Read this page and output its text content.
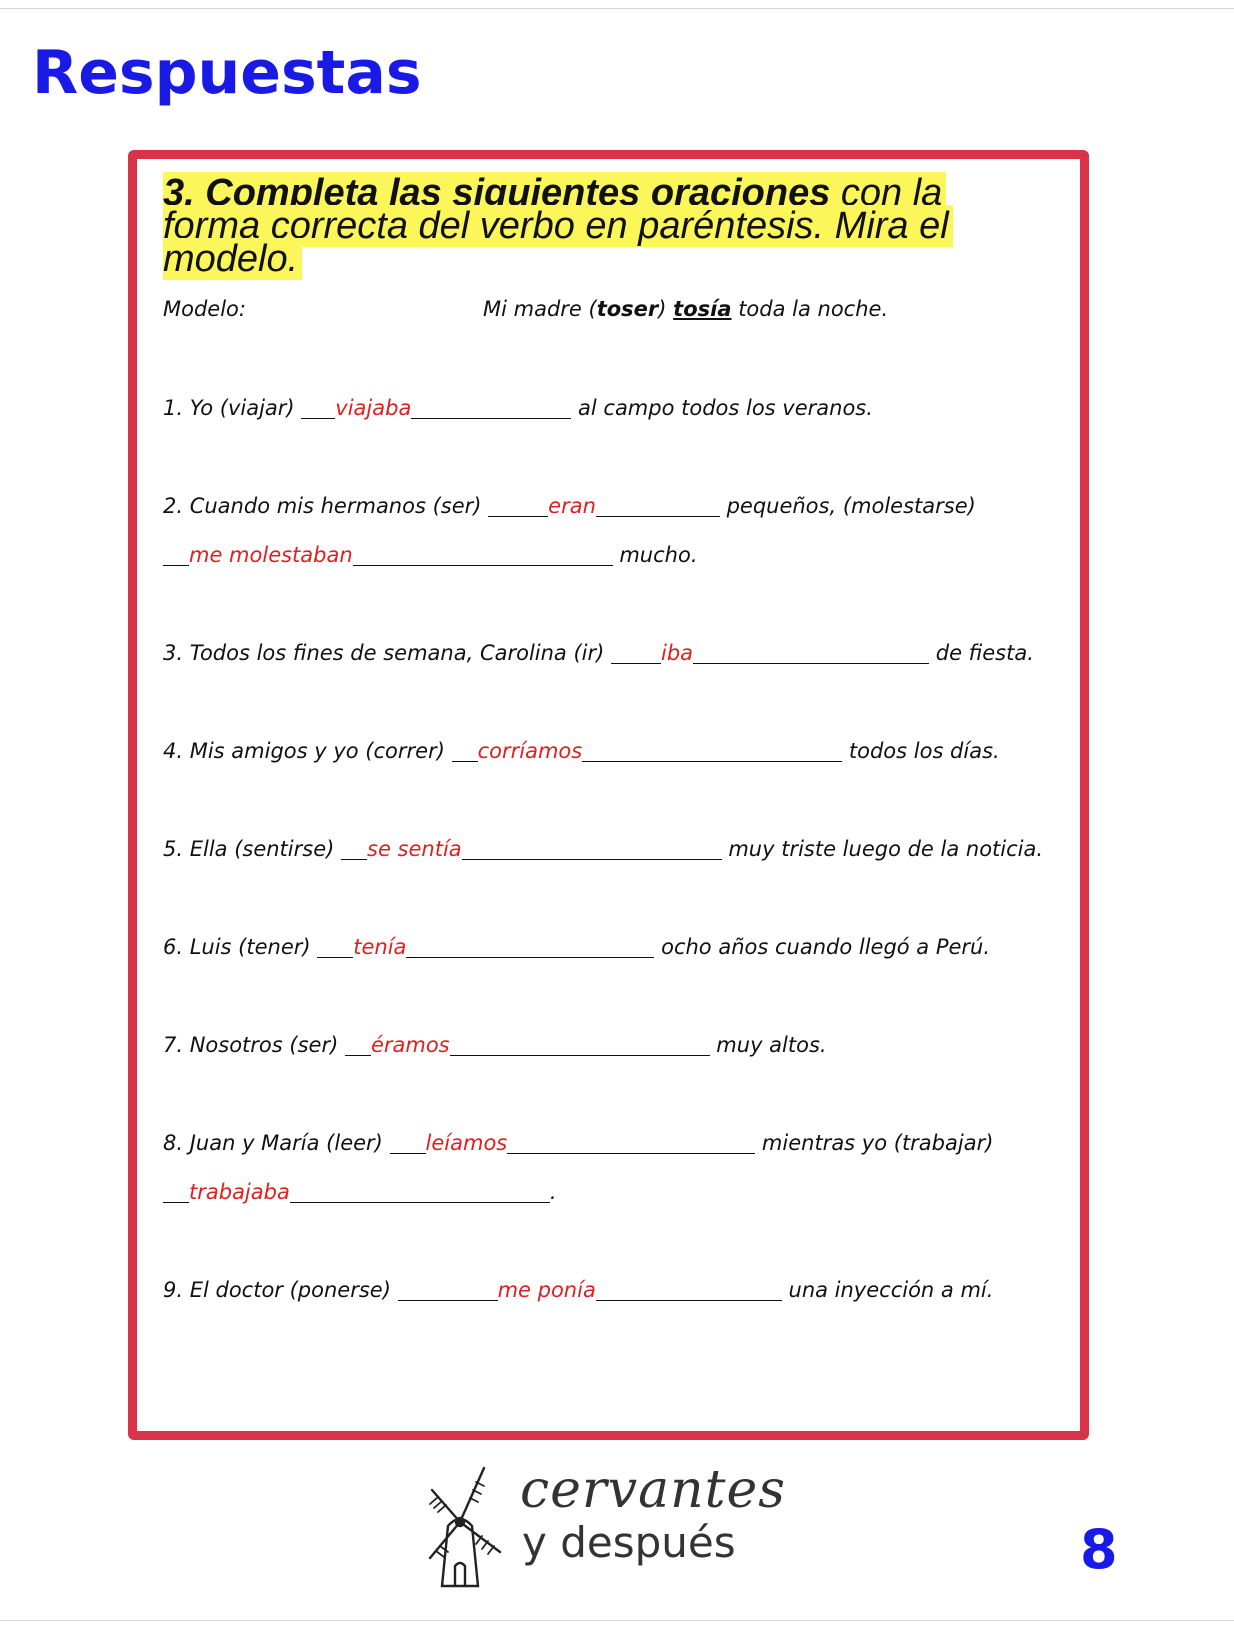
Respuestas
3. Completa las siguientes oraciones con la forma correcta del verbo en paréntesis. Mira el modelo.
Modelo:	Mi madre (toser) tosía toda la noche.
1. Yo (viajar) viajaba	al campo todos los veranos.
2. Cuando mis hermanos (ser)	eran	pequeños, (molestarse)
me molestaban	mucho.
3. Todos los fines de semana, Carolina (ir) iba	de fiesta.
4. Mis amigos y yo (correr) corríamos	todos los días.
5. Ella (sentirse) se sentía	muy triste luego de la noticia.
6. Luis (tener) tenía	ocho años cuando llegó a Perú.
7. Nosotros (ser) éramos	muy altos.
8. Juan y María (leer) leíamos	mientras yo (trabajar)
trabajaba	.
9. El doctor (ponerse)	me ponía	una inyección a mí.
cervantes
y después	8
